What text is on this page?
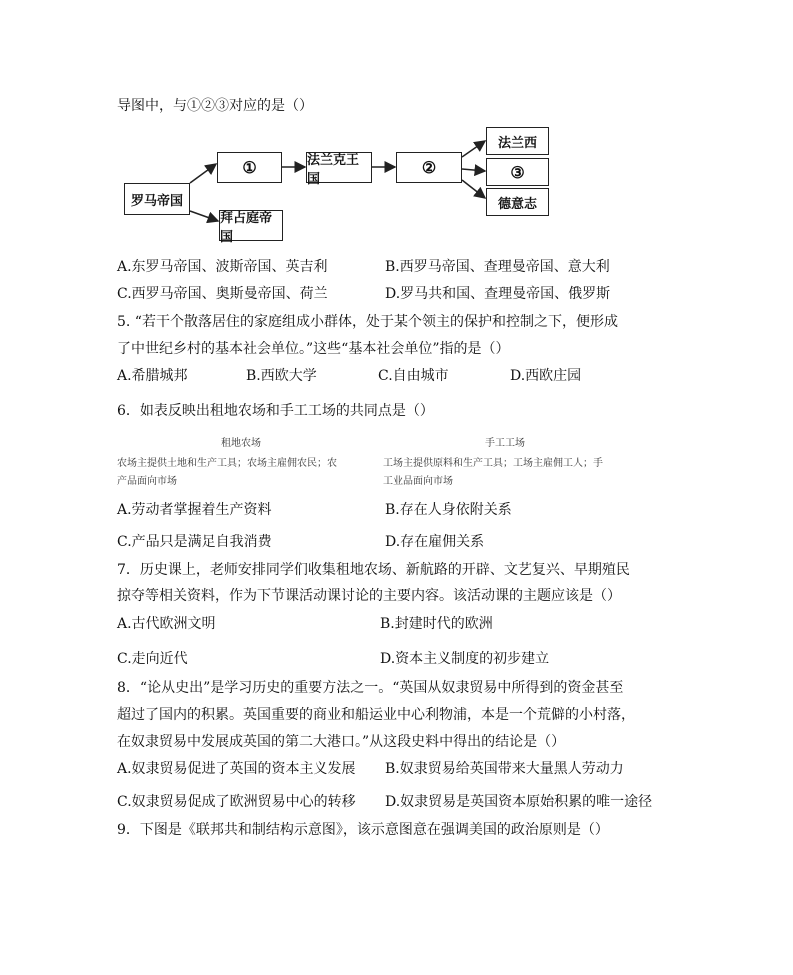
导图中，与①②③对应的是（）
罗马帝国
①
拜占庭帝国
法兰克王国
②
法兰西
③
德意志
A.东罗马帝国、波斯帝国、英吉利	B.西罗马帝国、查理曼帝国、意大利
C.西罗马帝国、奥斯曼帝国、荷兰	D.罗马共和国、查理曼帝国、俄罗斯
5. “若干个散落居住的家庭组成小群体，处于某个领主的保护和控制之下，便形成
了中世纪乡村的基本社会单位。”这些“基本社会单位”指的是（）
A.希腊城邦	B.西欧大学	C.自由城市	D.西欧庄园
6．如表反映出租地农场和手工工场的共同点是（）
租地农场	手工工场
农场主提供土地和生产工具；农场主雇佣农民；农
产品面向市场
工场主提供原料和生产工具；工场主雇佣工人；手
工业品面向市场
A.劳动者掌握着生产资料	B.存在人身依附关系
C.产品只是满足自我消费	D.存在雇佣关系
7．历史课上，老师安排同学们收集租地农场、新航路的开辟、文艺复兴、早期殖民
掠夺等相关资料，作为下节课活动课讨论的主要内容。该活动课的主题应该是（）
A.古代欧洲文明	B.封建时代的欧洲
C.走向近代	D.资本主义制度的初步建立
8．“论从史出”是学习历史的重要方法之一。“英国从奴隶贸易中所得到的资金甚至
超过了国内的积累。英国重要的商业和船运业中心利物浦，本是一个荒僻的小村落，
在奴隶贸易中发展成英国的第二大港口。”从这段史料中得出的结论是（）
A.奴隶贸易促进了英国的资本主义发展 B.奴隶贸易给英国带来大量黑人劳动力
C.奴隶贸易促成了欧洲贸易中心的转移 D.奴隶贸易是英国资本原始积累的唯一途径
9．下图是《联邦共和制结构示意图》，该示意图意在强调美国的政治原则是（）
